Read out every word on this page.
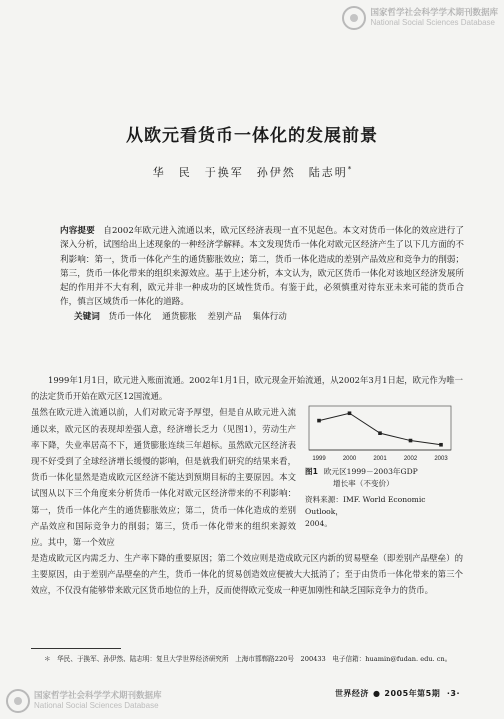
国家哲学社会科学学术期刊数据库
National Social Sciences Database
从欧元看货币一体化的发展前景
华　民　于换军　孙伊然　陆志明*
内容提要 自2002年欧元进入流通以来，欧元区经济表现一直不见起色。本文对货币一体化的效应进行了深入分析，试图给出上述现象的一种经济学解释。本文发现货币一体化对欧元区经济产生了以下几方面的不利影响：第一，货币一体化产生的通货膨胀效应；第二，货币一体化造成的差别产品效应和竞争力的削弱；第三，货币一体化带来的组织来源效应。基于上述分析，本文认为，欧元区货币一体化对该地区经济发展所起的作用并不大有利，欧元并非一种成功的区域性货币。有鉴于此，必须慎重对待东亚未来可能的货币合作，慎言区域货币一体化的道路。
关键词 货币一体化 通货膨胀 差别产品 集体行动

1999年1月1日，欧元进入账面流通。2002年1月1日，欧元现金开始流通，从2002年3月1日起，欧元作为唯一的法定货币开始在欧元区12国流通。

虽然在欧元进入流通以前，人们对欧元寄予厚望，但是自从欧元进入流通以来，欧元区的表现却差强人意，经济增长乏力（见图1），劳动生产率下降，失业率居高不下，通货膨胀连续三年超标。虽然欧元区经济表现不好受到了全球经济增长缓慢的影响，但是就我们研究的结果来看，货币一体化显然是造成欧元区经济不能达到预期目标的主要原因。本文试图从以下三个角度来分析货币一体化对欧元区经济带来的不利影响：第一，货币一体化产生的通货膨胀效应；第二，货币一体化造成的差别产品效应和国际竞争力的削弱；第三，货币一体化带来的组织来源效应。其中，第一个效应

1999	2000	2001	2002	2003
图1 欧元区1999－2003年GDP
增长率（不变价）
资料来源：IMF. World Economic Outlook，
2004。

是造成欧元区内需乏力、生产率下降的重要原因；第二个效应则是造成欧元区内新的贸易壁垒（即差别产品壁垒）的主要原因，由于差别产品壁垒的产生，货币一体化的贸易创造效应便被大大抵消了；至于由货币一体化带来的第三个效应，不仅没有能够带来欧元区货币地位的上升，反而使得欧元变成一种更加刚性和缺乏国际竞争力的货币。

＊　华民、于换军、孙伊然、陆志明：复旦大学世界经济研究所　上海市邯郸路220号　200433　电子信箱：huamin@fudan. edu. cn。
世界经济 ● 2005年第5期 ·3·
国家哲学社会科学学术期刊数据库
National Social Sciences Database
